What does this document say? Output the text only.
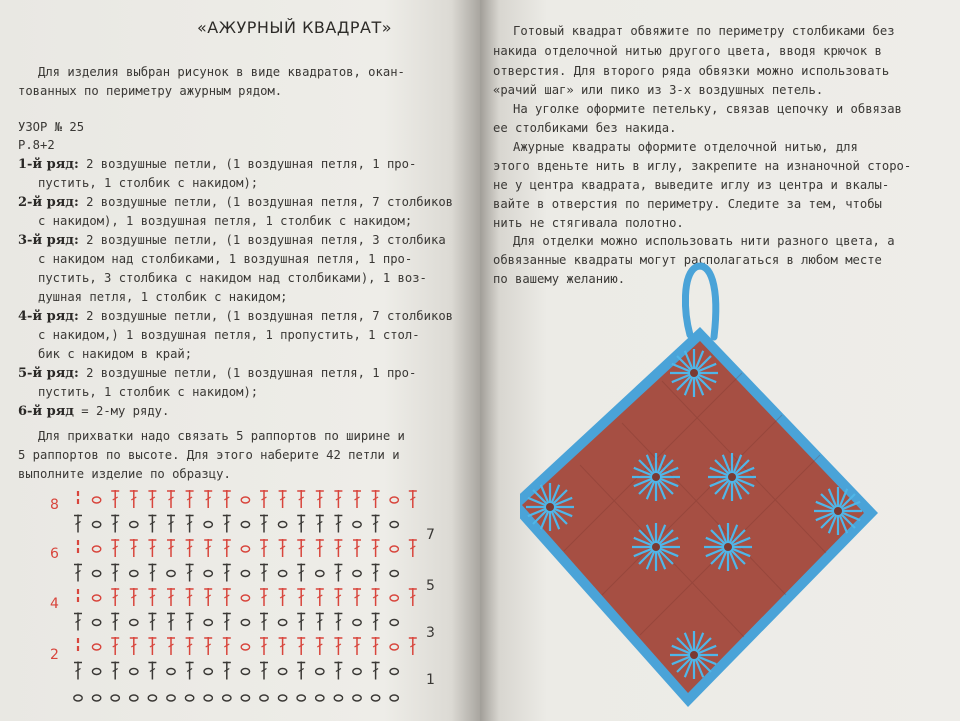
«АЖУРНЫЙ КВАДРАТ»

Для изделия выбран рисунок в виде квадратов, окан-

тованных по периметру ажурным рядом.

УЗОР № 25

Р.8+2

1-й ряд: 2 воздушные петли, (1 воздушная петля, 1 про-

пустить, 1 столбик с накидом);

2-й ряд: 2 воздушные петли, (1 воздушная петля, 7 столбиков

с накидом), 1 воздушная петля, 1 столбик с накидом;

3-й ряд: 2 воздушные петли, (1 воздушная петля, 3 столбика

с накидом над столбиками, 1 воздушная петля, 1 про-

пустить, 3 столбика с накидом над столбиками), 1 воз-

душная петля, 1 столбик с накидом;

4-й ряд: 2 воздушные петли, (1 воздушная петля, 7 столбиков

с накидом,) 1 воздушная петля, 1 пропустить, 1 стол-

бик с накидом в край;

5-й ряд: 2 воздушные петли, (1 воздушная петля, 1 про-

пустить, 1 столбик с накидом);

6-й ряд = 2-му ряду.

Для прихватки надо связать 5 раппортов по ширине и

5 раппортов по высоте. Для этого наберите 42 петли и

выполните изделие по образцу.

8
6
4
2
7
5
3
1

Готовый квадрат обвяжите по периметру столбиками без

накида отделочной нитью другого цвета, вводя крючок в

отверстия. Для второго ряда обвязки можно использовать

«рачий шаг» или пико из 3-х воздушных петель.

На уголке оформите петельку, связав цепочку и обвязав

ее столбиками без накида.

Ажурные квадраты оформите отделочной нитью, для

этого вденьте нить в иглу, закрепите на изнаночной сторо-

не у центра квадрата, выведите иглу из центра и вкалы-

вайте в отверстия по периметру. Следите за тем, чтобы

нить не стягивала полотно.

Для отделки можно использовать нити разного цвета, а

обвязанные квадраты могут располагаться в любом месте

по вашему желанию.
